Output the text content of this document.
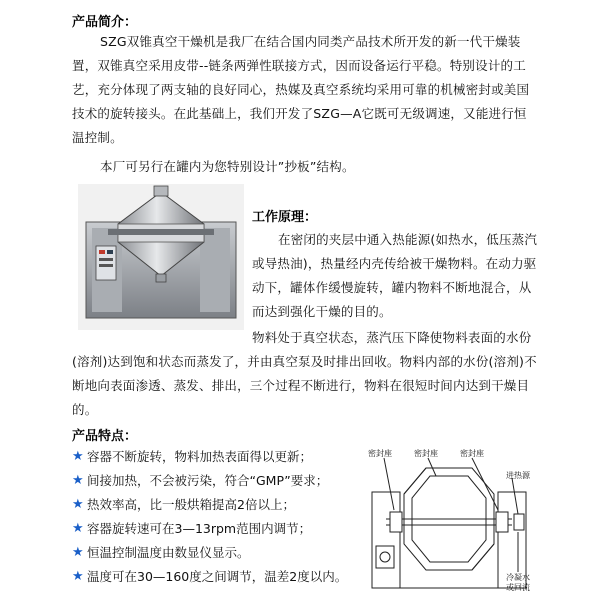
产品简介：
SZG双锥真空干燥机是我厂在结合国内同类产品技术所开发的新一代干燥装
置，双锥真空采用皮带--链条两弹性联接方式，因而设备运行平稳。特别设计的工
艺，充分体现了两支轴的良好同心，热媒及真空系统均采用可靠的机械密封或美国
技术的旋转接头。在此基础上，我们开发了SZG—A它既可无级调速，又能进行恒
温控制。
本厂可另行在罐内为您特别设计”抄板”结构。
工作原理：
在密闭的夹层中通入热能源(如热水，低压蒸汽
或导热油)，热量经内壳传给被干燥物料。在动力驱
动下，罐体作缓慢旋转，罐内物料不断地混合，从
而达到强化干燥的目的。
物料处于真空状态，蒸汽压下降使物料表面的水份
(溶剂)达到饱和状态而蒸发了，并由真空泵及时排出回收。物料内部的水份(溶剂)不
断地向表面渗透、蒸发、排出，三个过程不断进行，物料在很短时间内达到干燥目
的。
产品特点：
★ 容器不断旋转，物料加热表面得以更新；
★ 间接加热，不会被污染，符合“GMP”要求；
★ 热效率高，比一般烘箱提高2倍以上；
★ 容器旋转速可在3—13rpm范围内调节；
★ 恒温控制温度由数显仪显示。
★ 温度可在30—160度之间调节，温差2度以内。
密封座	密封座	密封座
进热源
冷凝水
或回流
